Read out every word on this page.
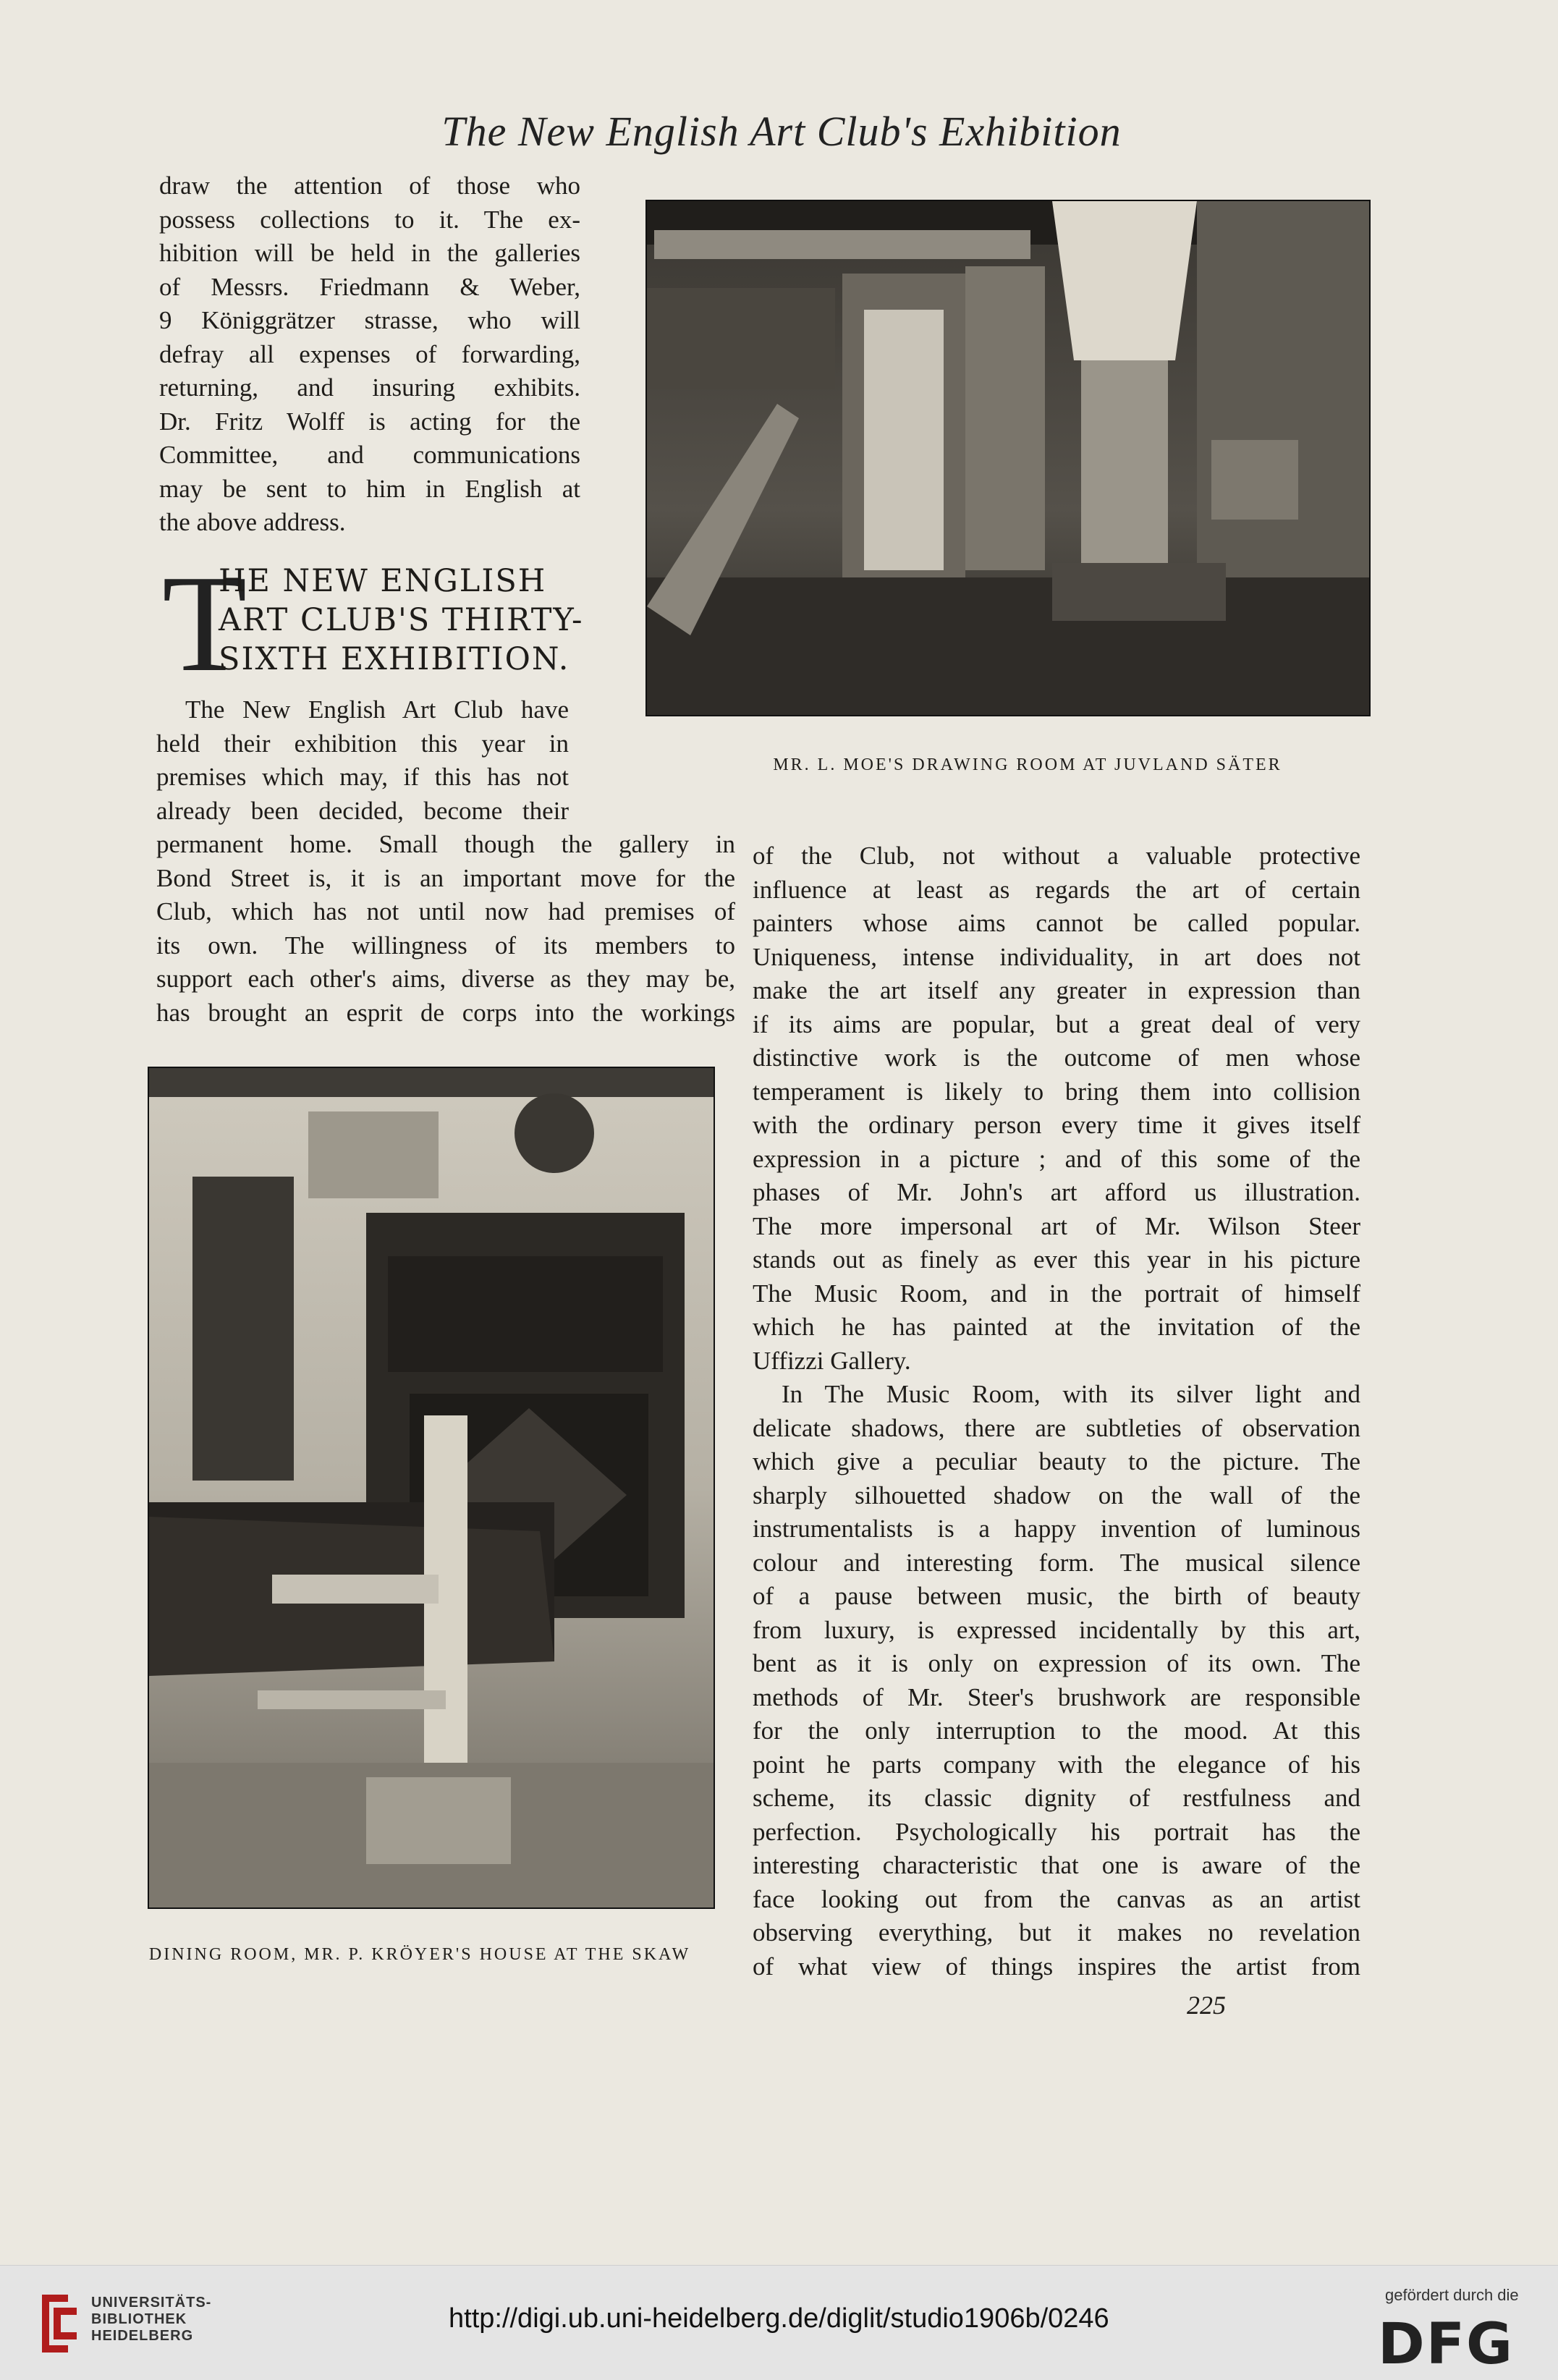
The New English Art Club's Exhibition
draw the attention of those who
possess collections to it. The ex-
hibition will be held in the galleries
of Messrs. Friedmann & Weber,
9 Königgrätzer strasse, who will
defray all expenses of forwarding,
returning, and insuring exhibits.
Dr. Fritz Wolff is acting for the
Committee, and communications
may be sent to him in English at
the above address.
T
HE NEW ENGLISH
ART CLUB'S THIRTY-
SIXTH EXHIBITION.
The New English Art Club have
held their exhibition this year in
premises which may, if this has not
already been decided, become their
permanent home. Small though the gallery in
Bond Street is, it is an important move for the
Club, which has not until now had premises of
its own. The willingness of its members to
support each other's aims, diverse as they may be,
has brought an esprit de corps into the workings
of the Club, not without a valuable protective
influence at least as regards the art of certain
painters whose aims cannot be called popular.
Uniqueness, intense individuality, in art does not
make the art itself any greater in expression than
if its aims are popular, but a great deal of very
distinctive work is the outcome of men whose
temperament is likely to bring them into collision
with the ordinary person every time it gives itself
expression in a picture ; and of this some of the
phases of Mr. John's art afford us illustration.
The more impersonal art of Mr. Wilson Steer
stands out as finely as ever this year in his picture
The Music Room, and in the portrait of himself
which he has painted at the invitation of the
Uffizzi Gallery.
In The Music Room, with its silver light and
delicate shadows, there are subtleties of observation
which give a peculiar beauty to the picture. The
sharply silhouetted shadow on the wall of the
instrumentalists is a happy invention of luminous
colour and interesting form. The musical silence
of a pause between music, the birth of beauty
from luxury, is expressed incidentally by this art,
bent as it is only on expression of its own. The
methods of Mr. Steer's brushwork are responsible
for the only interruption to the mood. At this
point he parts company with the elegance of his
scheme, its classic dignity of restfulness and
perfection. Psychologically his portrait has the
interesting characteristic that one is aware of the
face looking out from the canvas as an artist
observing everything, but it makes no revelation
of what view of things inspires the artist from
MR. L. MOE'S DRAWING ROOM AT JUVLAND SÄTER
DINING ROOM, MR. P. KRÖYER'S HOUSE AT THE SKAW
225
UNIVERSITÄTS-
BIBLIOTHEK
HEIDELBERG
http://digi.ub.uni-heidelberg.de/diglit/studio1906b/0246
gefördert durch die
DFG
